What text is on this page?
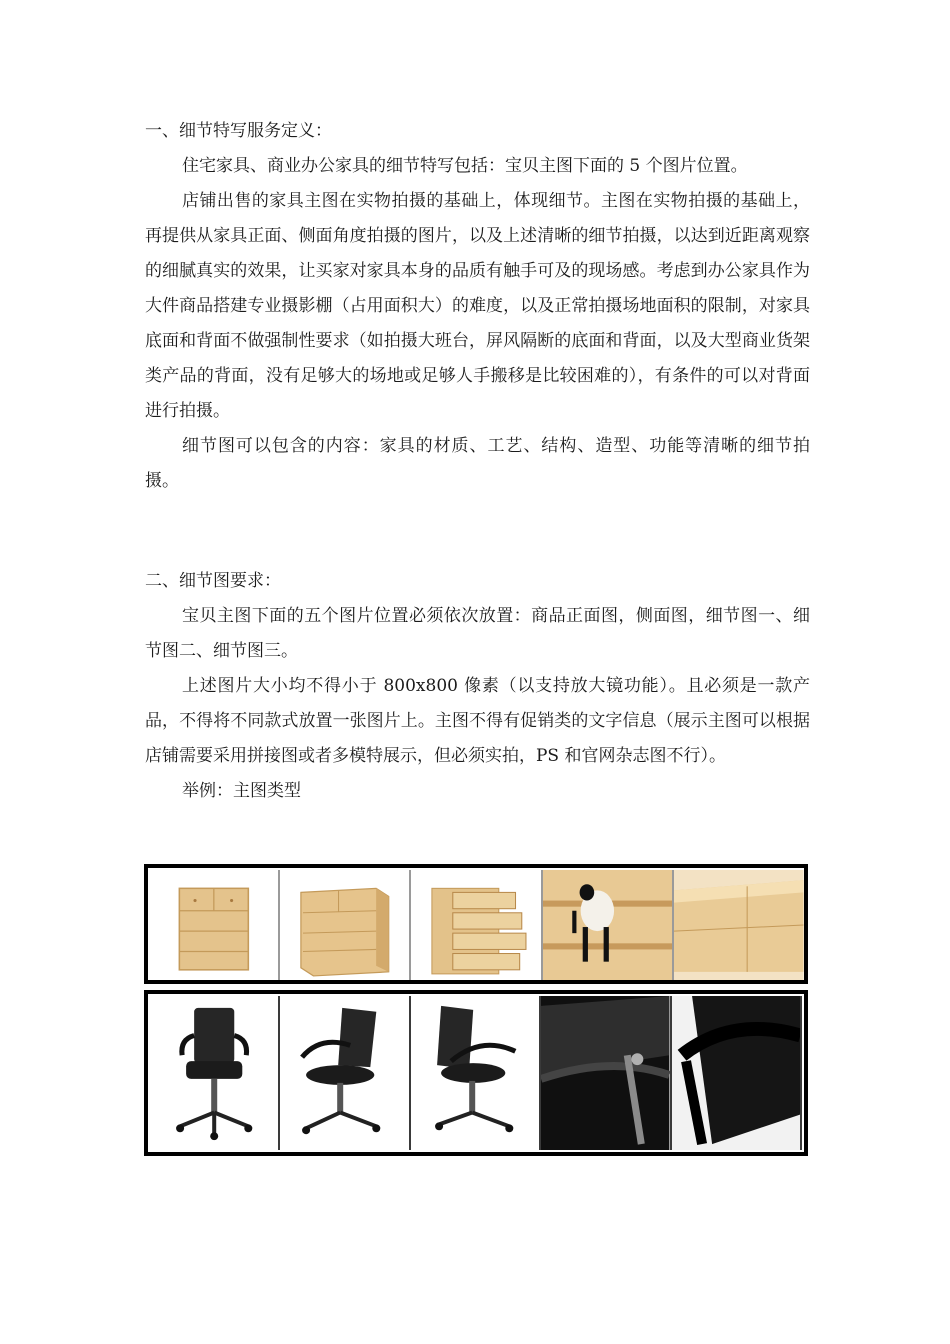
一、细节特写服务定义：

住宅家具、商业办公家具的细节特写包括：宝贝主图下面的 5 个图片位置。

店铺出售的家具主图在实物拍摄的基础上，体现细节。主图在实物拍摄的基础上，再提供从家具正面、侧面角度拍摄的图片，以及上述清晰的细节拍摄，以达到近距离观察的细腻真实的效果，让买家对家具本身的品质有触手可及的现场感。考虑到办公家具作为大件商品搭建专业摄影棚（占用面积大）的难度，以及正常拍摄场地面积的限制，对家具底面和背面不做强制性要求（如拍摄大班台，屏风隔断的底面和背面，以及大型商业货架类产品的背面，没有足够大的场地或足够人手搬移是比较困难的），有条件的可以对背面进行拍摄。

细节图可以包含的内容：家具的材质、工艺、结构、造型、功能等清晰的细节拍摄。

二、细节图要求：

宝贝主图下面的五个图片位置必须依次放置：商品正面图，侧面图，细节图一、细节图二、细节图三。

上述图片大小均不得小于 800x800 像素（以支持放大镜功能）。且必须是一款产品，不得将不同款式放置一张图片上。主图不得有促销类的文字信息（展示主图可以根据店铺需要采用拼接图或者多模特展示，但必须实拍，PS 和官网杂志图不行）。

举例：主图类型
